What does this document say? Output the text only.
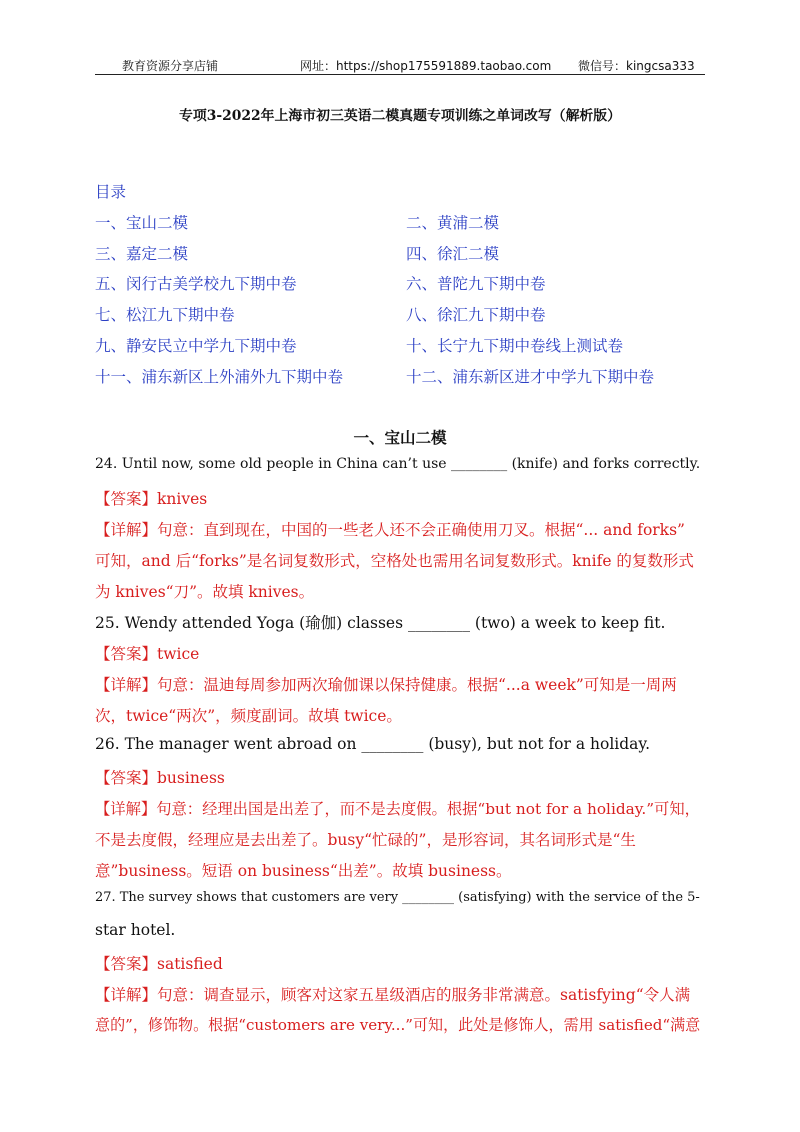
教育资源分享店铺	网址：https://shop175591889.taobao.com 微信号：kingcsa333
专项3-2022年上海市初三英语二模真题专项训练之单词改写（解析版）
目录
一、宝山二模
三、嘉定二模
五、闵行古美学校九下期中卷
七、松江九下期中卷
九、静安民立中学九下期中卷
十一、浦东新区上外浦外九下期中卷
二、黄浦二模
四、徐汇二模
六、普陀九下期中卷
八、徐汇九下期中卷
十、长宁九下期中卷线上测试卷
十二、浦东新区进才中学九下期中卷
一、宝山二模
24. Until now, some old people in China can’t use ________ (knife) and forks correctly.
【答案】knives
【详解】句意：直到现在，中国的一些老人还不会正确使用刀叉。根据“... and forks”
可知，and 后“forks”是名词复数形式，空格处也需用名词复数形式。knife 的复数形式
为 knives“刀”。故填 knives。
25. Wendy attended Yoga (瑜伽) classes ________ (two) a week to keep fit.
【答案】twice
【详解】句意：温迪每周参加两次瑜伽课以保持健康。根据“...a week”可知是一周两
次，twice“两次”，频度副词。故填 twice。
26. The manager went abroad on ________ (busy), but not for a holiday.
【答案】business
【详解】句意：经理出国是出差了，而不是去度假。根据“but not for a holiday.”可知，
不是去度假，经理应是去出差了。busy“忙碌的”，是形容词，其名词形式是“生
意”business。短语 on business“出差”。故填 business。
27. The survey shows that customers are very ________ (satisfying) with the service of the 5-
star hotel.
【答案】satisfied
【详解】句意：调查显示，顾客对这家五星级酒店的服务非常满意。satisfying“令人满
意的”，修饰物。根据“customers are very...”可知，此处是修饰人，需用 satisfied“满意
